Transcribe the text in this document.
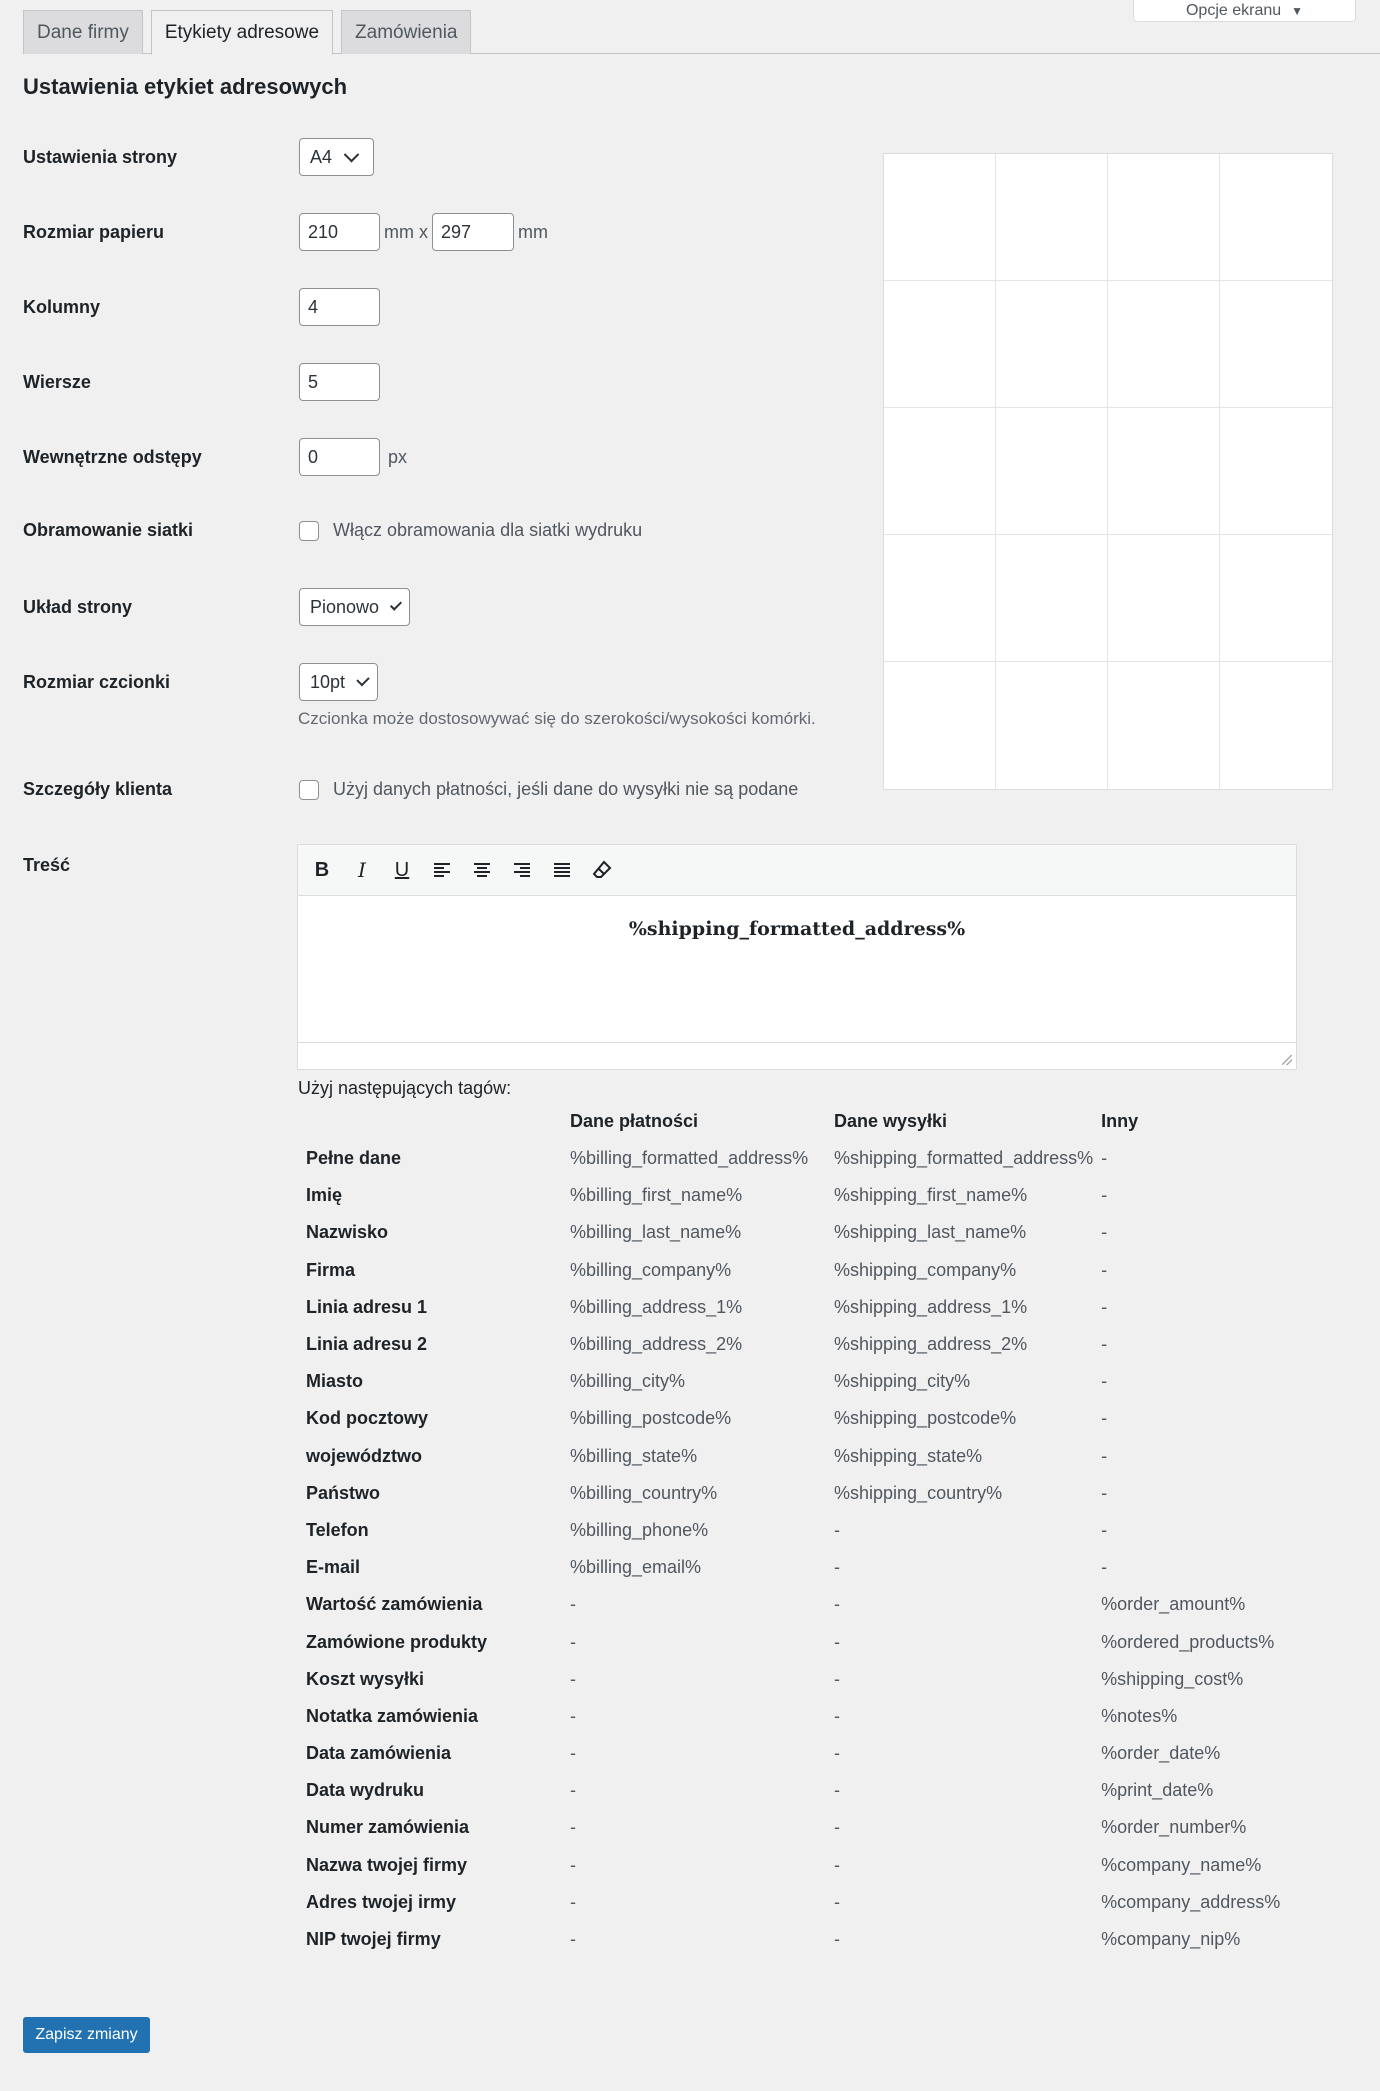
Opcje ekranu ▼
Dane firmy	Etykiety adresowe	Zamówienia
Ustawienia etykiet adresowych
Ustawienia strony	A4
Rozmiar papieru	210	mm x 297	mm
Kolumny	4
Wiersze	5
Wewnętrzne odstępy	0	px
Obramowanie siatki	Włącz obramowania dla siatki wydruku
Układ strony	Pionowo
Rozmiar czcionki	10pt
Czcionka może dostosowywać się do szerokości/wysokości komórki.
Szczegóły klienta	Użyj danych płatności, jeśli dane do wysyłki nie są podane
Treść	B	I	U
%shipping_formatted_address%
Użyj następujących tagów:
	Dane płatności	Dane wysyłki	Inny
Pełne dane	%billing_formatted_address%	%shipping_formatted_address%	-
Imię	%billing_first_name%	%shipping_first_name%	-
Nazwisko	%billing_last_name%	%shipping_last_name%	-
Firma	%billing_company%	%shipping_company%	-
Linia adresu 1	%billing_address_1%	%shipping_address_1%	-
Linia adresu 2	%billing_address_2%	%shipping_address_2%	-
Miasto	%billing_city%	%shipping_city%	-
Kod pocztowy	%billing_postcode%	%shipping_postcode%	-
województwo	%billing_state%	%shipping_state%	-
Państwo	%billing_country%	%shipping_country%	-
Telefon	%billing_phone%	-	-
E-mail	%billing_email%	-	-
Wartość zamówienia	-	-	%order_amount%
Zamówione produkty	-	-	%ordered_products%
Koszt wysyłki	-	-	%shipping_cost%
Notatka zamówienia	-	-	%notes%
Data zamówienia	-	-	%order_date%
Data wydruku	-	-	%print_date%
Numer zamówienia	-	-	%order_number%
Nazwa twojej firmy	-	-	%company_name%
Adres twojej irmy	-	-	%company_address%
NIP twojej firmy	-	-	%company_nip%
Zapisz zmiany
